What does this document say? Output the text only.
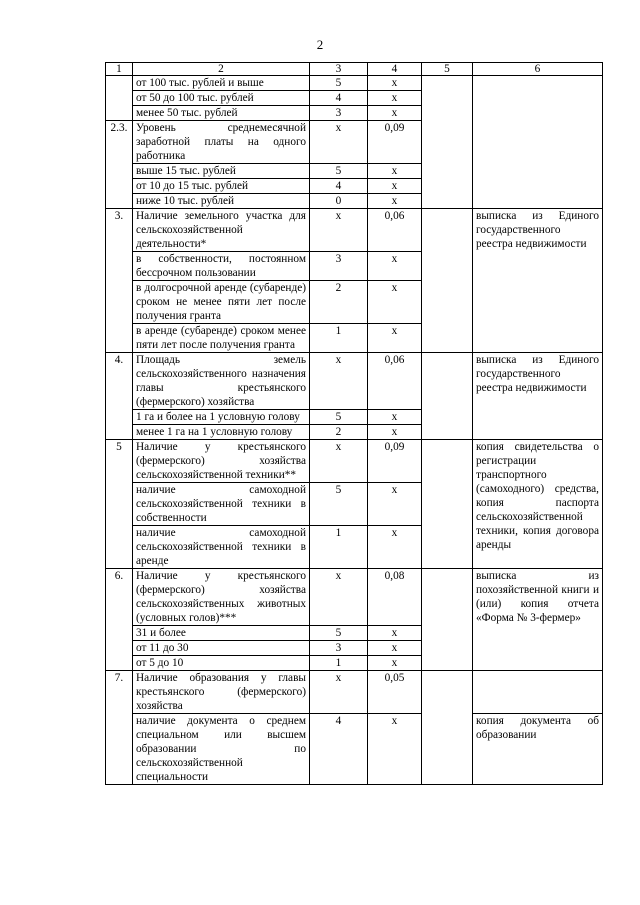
2
1	2	3	4	5	6
	от 100 тыс. рублей и выше	5	х		
	от 50 до 100 тыс. рублей	4	х		
	менее 50 тыс. рублей	3	х		
2.3.	Уровень среднемесячной заработной платы на одного работника	х	0,09		
	выше 15 тыс. рублей	5	х		
	от 10 до 15 тыс. рублей	4	х		
	ниже 10 тыс. рублей	0	х		
3.	Наличие земельного участка для сельскохозяйственной деятельности*	х	0,06		выписка из Единого государственного реестра недвижимости
	в собственности, постоянном бессрочном пользовании	3	х		
	в долгосрочной аренде (субаренде) сроком не менее пяти лет после получения гранта	2	х		
	в аренде (субаренде) сроком менее пяти лет после получения гранта	1	х		
4.	Площадь земель сельскохозяйственного назначения главы крестьянского (фермерского) хозяйства	х	0,06		выписка из Единого государственного реестра недвижимости
	1 га и более на 1 условную голову	5	х		
	менее 1 га на 1 условную голову	2	х		
5	Наличие у крестьянского (фермерского) хозяйства сельскохозяйственной техники**	х	0,09		копия свидетельства о регистрации транспортного (самоходного) средства, копия паспорта сельскохозяйственной техники, копия договора аренды
	наличие самоходной сельскохозяйственной техники в собственности	5	х		
	наличие самоходной сельскохозяйственной техники в аренде	1	х		
6.	Наличие у крестьянского (фермерского) хозяйства сельскохозяйственных животных (условных голов)***	х	0,08		выписка из похозяйственной книги и (или) копия отчета «Форма № 3-фермер»
	31 и более	5	х		
	от 11 до 30	3	х		
	от 5 до 10	1	х		
7.	Наличие образования у главы крестьянского (фермерского) хозяйства	х	0,05		
	наличие документа о среднем специальном или высшем образовании по сельскохозяйственной специальности	4	х		копия документа об образовании
